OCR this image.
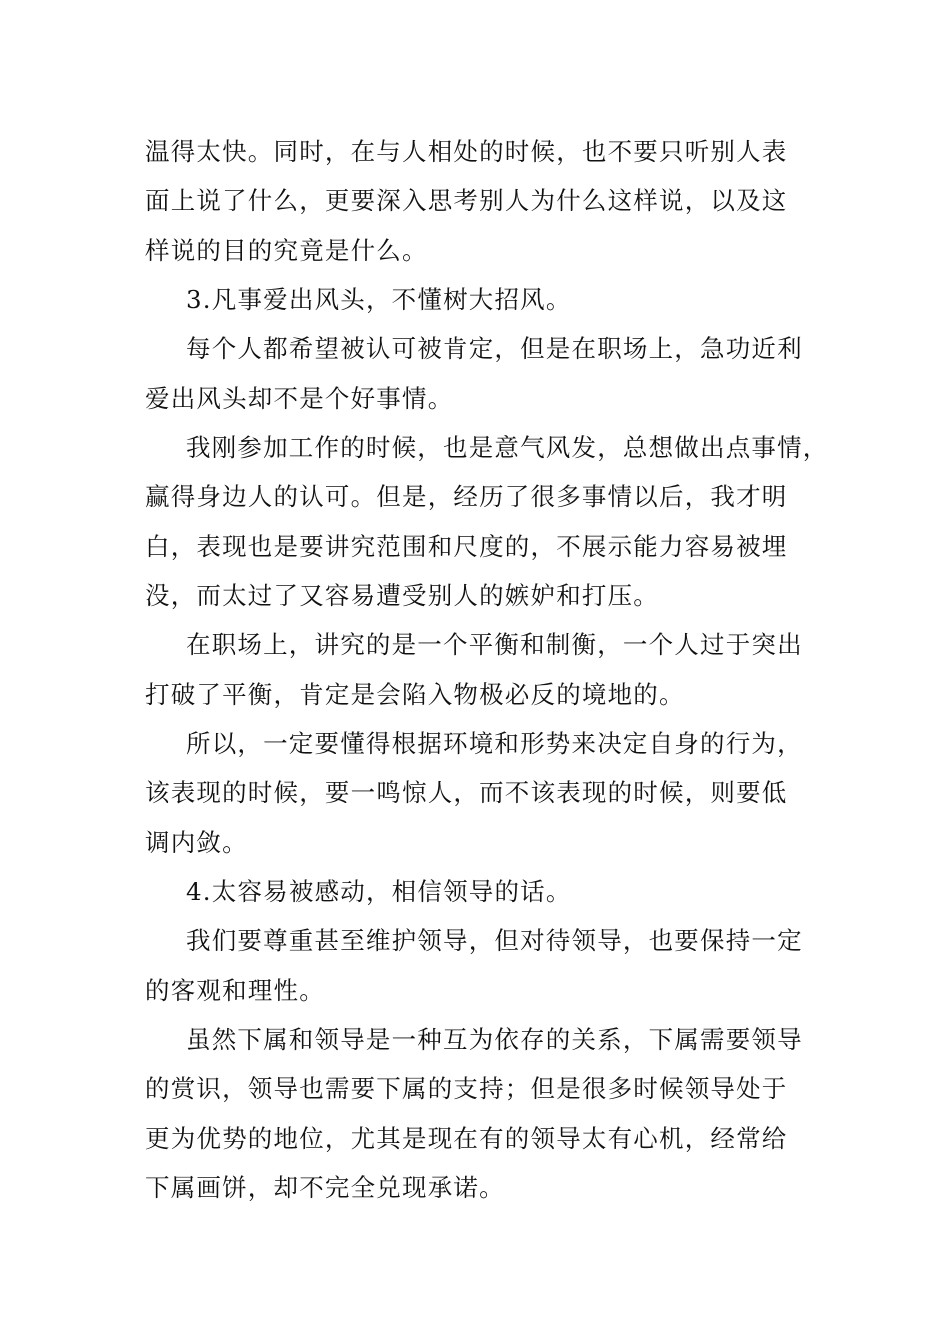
温得太快。同时，在与人相处的时候，也不要只听别人表
面上说了什么，更要深入思考别人为什么这样说，以及这
样说的目的究竟是什么。
3.凡事爱出风头，不懂树大招风。
每个人都希望被认可被肯定，但是在职场上，急功近利
爱出风头却不是个好事情。
我刚参加工作的时候，也是意气风发，总想做出点事情，
赢得身边人的认可。但是，经历了很多事情以后，我才明
白，表现也是要讲究范围和尺度的，不展示能力容易被埋
没，而太过了又容易遭受别人的嫉妒和打压。
在职场上，讲究的是一个平衡和制衡，一个人过于突出
打破了平衡，肯定是会陷入物极必反的境地的。
所以，一定要懂得根据环境和形势来决定自身的行为，
该表现的时候，要一鸣惊人，而不该表现的时候，则要低
调内敛。
4.太容易被感动，相信领导的话。
我们要尊重甚至维护领导，但对待领导，也要保持一定
的客观和理性。
虽然下属和领导是一种互为依存的关系，下属需要领导
的赏识，领导也需要下属的支持；但是很多时候领导处于
更为优势的地位，尤其是现在有的领导太有心机，经常给
下属画饼，却不完全兑现承诺。
